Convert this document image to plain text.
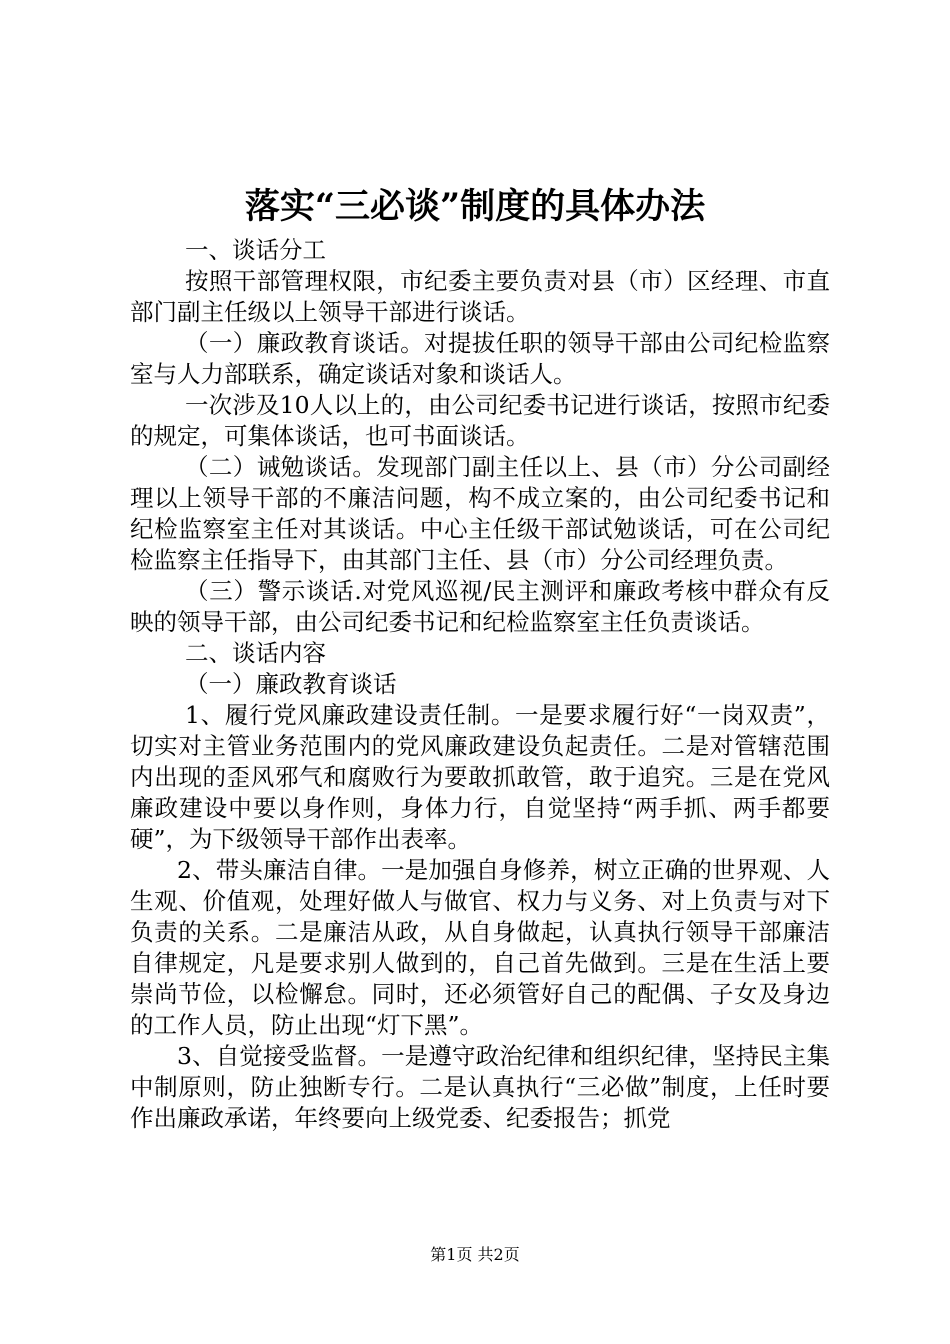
落实“三必谈”制度的具体办法

一、谈话分工

按照干部管理权限，市纪委主要负责对县（市）区经理、市直部门副主任级以上领导干部进行谈话。

（一）廉政教育谈话。对提拔任职的领导干部由公司纪检监察室与人力部联系，确定谈话对象和谈话人。

一次涉及10人以上的，由公司纪委书记进行谈话，按照市纪委的规定，可集体谈话，也可书面谈话。

（二）诫勉谈话。发现部门副主任以上、县（市）分公司副经理以上领导干部的不廉洁问题，构不成立案的，由公司纪委书记和纪检监察室主任对其谈话。中心主任级干部试勉谈话，可在公司纪检监察主任指导下，由其部门主任、县（市）分公司经理负责。

（三）警示谈话.对党风巡视/民主测评和廉政考核中群众有反映的领导干部，由公司纪委书记和纪检监察室主任负责谈话。

二、谈话内容

（一）廉政教育谈话

1、履行党风廉政建设责任制。一是要求履行好“一岗双责”，切实对主管业务范围内的党风廉政建设负起责任。二是对管辖范围内出现的歪风邪气和腐败行为要敢抓敢管，敢于追究。三是在党风廉政建设中要以身作则，身体力行，自觉坚持“两手抓、两手都要硬”，为下级领导干部作出表率。

2、带头廉洁自律。一是加强自身修养，树立正确的世界观、人生观、价值观，处理好做人与做官、权力与义务、对上负责与对下负责的关系。二是廉洁从政，从自身做起，认真执行领导干部廉洁自律规定，凡是要求别人做到的，自己首先做到。三是在生活上要崇尚节俭，以检懈怠。同时，还必须管好自己的配偶、子女及身边的工作人员，防止出现“灯下黑”。

3、自觉接受监督。一是遵守政治纪律和组织纪律，坚持民主集中制原则，防止独断专行。二是认真执行“三必做”制度，上任时要作出廉政承诺，年终要向上级党委、纪委报告；抓党

第1页 共2页
